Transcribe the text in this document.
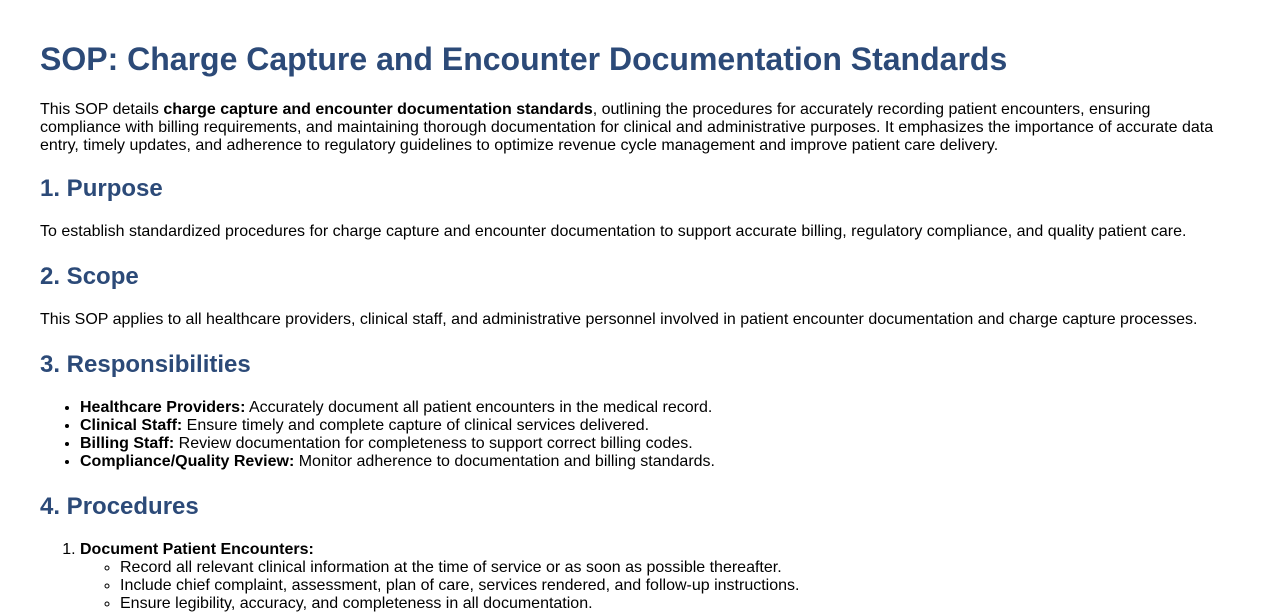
SOP: Charge Capture and Encounter Documentation Standards

This SOP details charge capture and encounter documentation standards, outlining the procedures for accurately recording patient encounters, ensuring compliance with billing requirements, and maintaining thorough documentation for clinical and administrative purposes. It emphasizes the importance of accurate data entry, timely updates, and adherence to regulatory guidelines to optimize revenue cycle management and improve patient care delivery.

1. Purpose

To establish standardized procedures for charge capture and encounter documentation to support accurate billing, regulatory compliance, and quality patient care.

2. Scope

This SOP applies to all healthcare providers, clinical staff, and administrative personnel involved in patient encounter documentation and charge capture processes.

3. Responsibilities
• Healthcare Providers: Accurately document all patient encounters in the medical record.
• Clinical Staff: Ensure timely and complete capture of clinical services delivered.
• Billing Staff: Review documentation for completeness to support correct billing codes.
• Compliance/Quality Review: Monitor adherence to documentation and billing standards.
4. Procedures
1. Document Patient Encounters:
◦ Record all relevant clinical information at the time of service or as soon as possible thereafter.
◦ Include chief complaint, assessment, plan of care, services rendered, and follow-up instructions.
◦ Ensure legibility, accuracy, and completeness in all documentation.
